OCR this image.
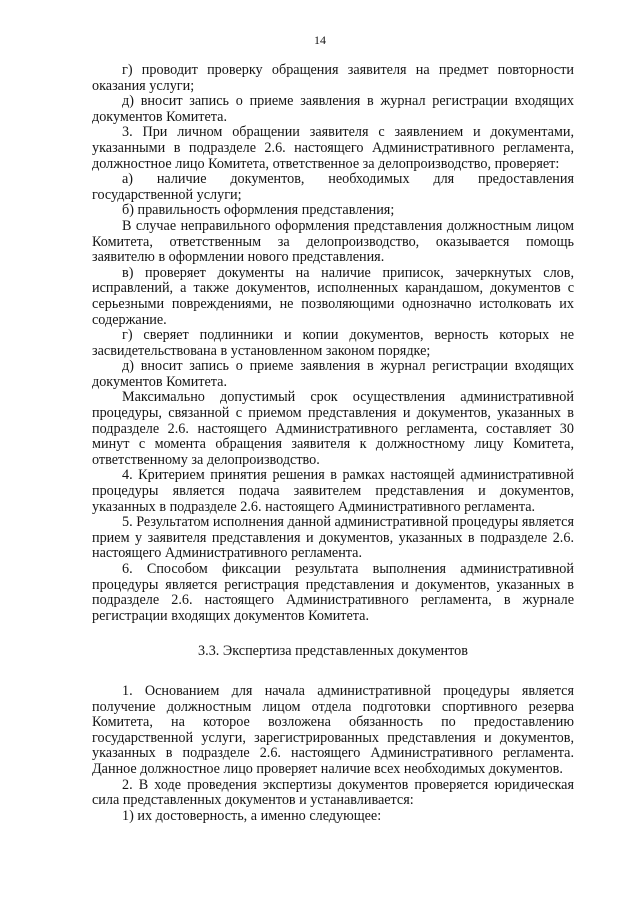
14

г) проводит проверку обращения заявителя на предмет повторности оказания услуги;

д) вносит запись о приеме заявления в журнал регистрации входящих документов Комитета.

3. При личном обращении заявителя с заявлением и документами, указанными в подразделе 2.6. настоящего Административного регламента, должностное лицо Комитета, ответственное за делопроизводство, проверяет:

а) наличие документов, необходимых для предоставления государственной услуги;

б) правильность оформления представления;

В случае неправильного оформления представления должностным лицом Комитета, ответственным за делопроизводство, оказывается помощь заявителю в оформлении нового представления.

в) проверяет документы на наличие приписок, зачеркнутых слов, исправлений, а также документов, исполненных карандашом, документов с серьезными повреждениями, не позволяющими однозначно истолковать их содержание.

г) сверяет подлинники и копии документов, верность которых не засвидетельствована в установленном законом порядке;

д) вносит запись о приеме заявления в журнал регистрации входящих документов Комитета.

Максимально допустимый срок осуществления административной процедуры, связанной с приемом представления и документов, указанных в подразделе 2.6. настоящего Административного регламента, составляет 30 минут с момента обращения заявителя к должностному лицу Комитета, ответственному за делопроизводство.

4. Критерием принятия решения в рамках настоящей административной процедуры является подача заявителем представления и документов, указанных в подразделе 2.6. настоящего Административного регламента.

5. Результатом исполнения данной административной процедуры является прием у заявителя представления и документов, указанных в подразделе 2.6. настоящего Административного регламента.

6. Способом фиксации результата выполнения административной процедуры является регистрация представления и документов, указанных в подразделе 2.6. настоящего Административного регламента, в журнале регистрации входящих документов Комитета.

3.3. Экспертиза представленных документов

1. Основанием для начала административной процедуры является получение должностным лицом отдела подготовки спортивного резерва Комитета, на которое возложена обязанность по предоставлению государственной услуги, зарегистрированных представления и документов, указанных в подразделе 2.6. настоящего Административного регламента. Данное должностное лицо проверяет наличие всех необходимых документов.

2. В ходе проведения экспертизы документов проверяется юридическая сила представленных документов и устанавливается:

1) их достоверность, а именно следующее:
